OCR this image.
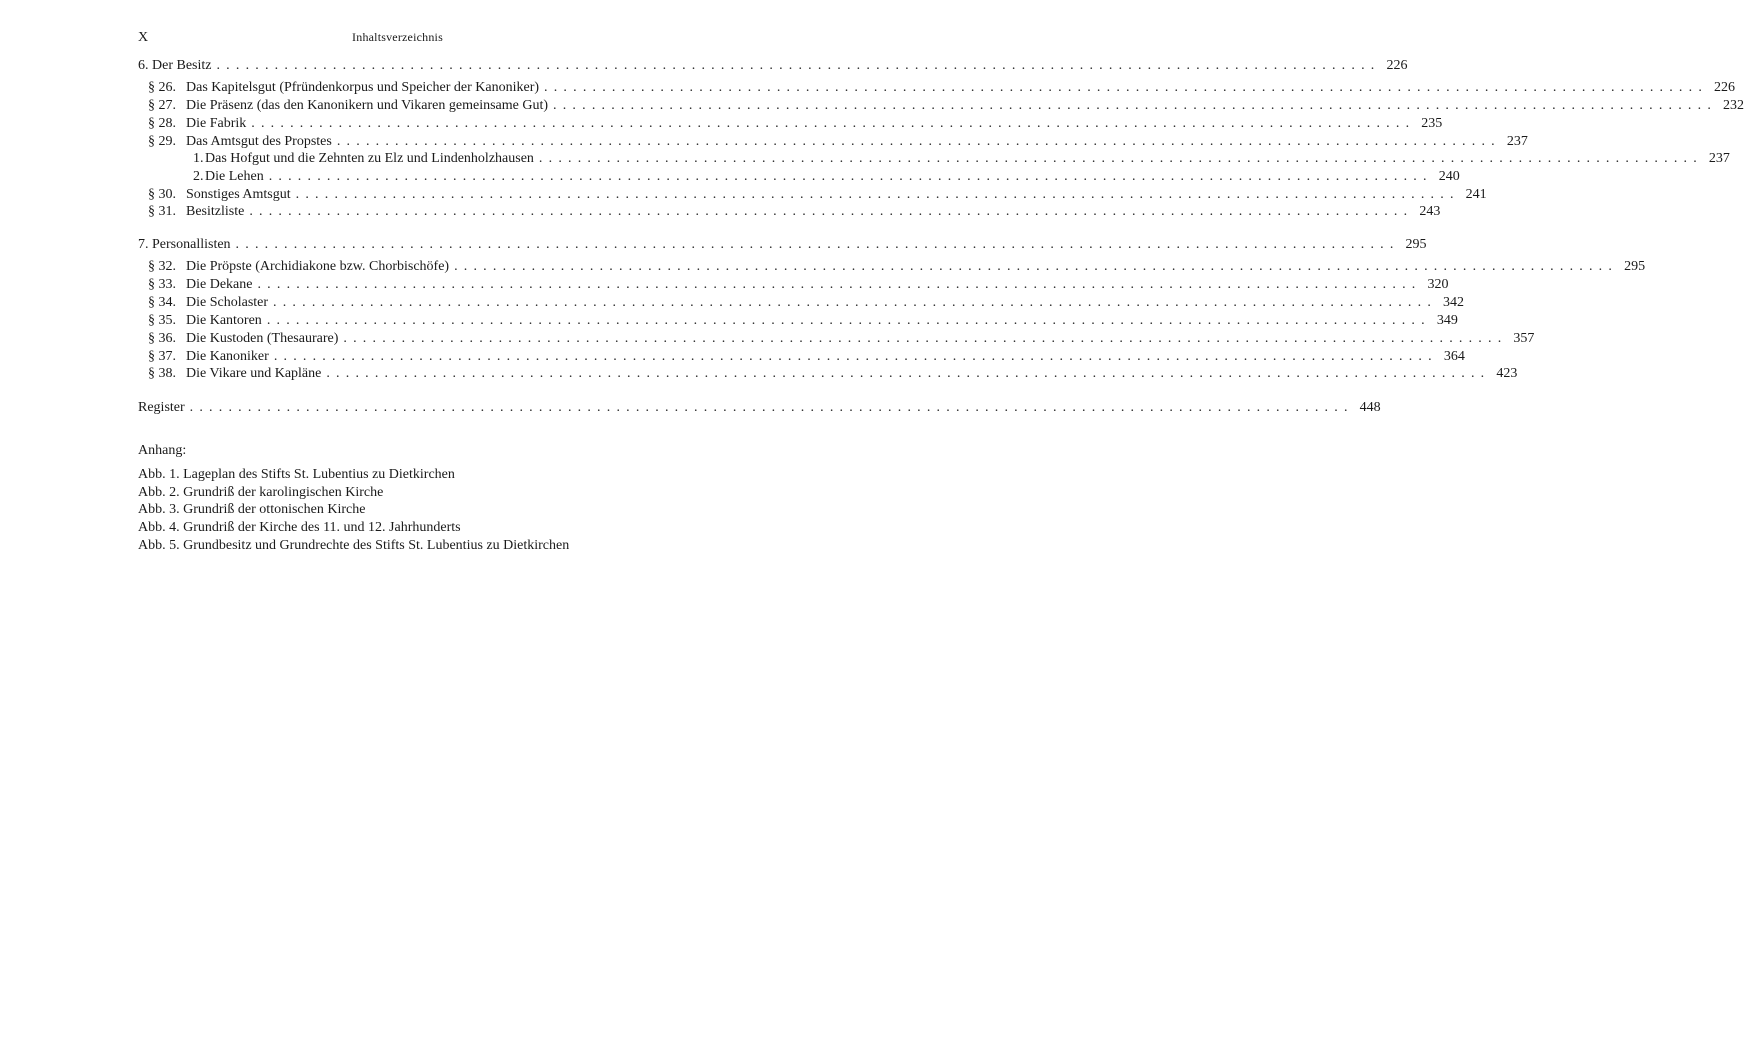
X	Inhaltsverzeichnis
6. Der Besitz ........................................................................................................................ 226
§ 26. Das Kapitelsgut (Pfründenkorpus und Speicher der Kanoniker) ........................................................................................................................ 226
§ 27. Die Präsenz (das den Kanonikern und Vikaren gemeinsame Gut) ........................................................................................................................ 232
§ 28. Die Fabrik ........................................................................................................................ 235
§ 29. Das Amtsgut des Propstes ........................................................................................................................ 237
1. Das Hofgut und die Zehnten zu Elz und Lindenholzhausen ........................................................................................................................ 237
2. Die Lehen ........................................................................................................................ 240
§ 30. Sonstiges Amtsgut ........................................................................................................................ 241
§ 31. Besitzliste ........................................................................................................................ 243
7. Personallisten ........................................................................................................................ 295
§ 32. Die Pröpste (Archidiakone bzw. Chorbischöfe) ........................................................................................................................ 295
§ 33. Die Dekane ........................................................................................................................ 320
§ 34. Die Scholaster ........................................................................................................................ 342
§ 35. Die Kantoren ........................................................................................................................ 349
§ 36. Die Kustoden (Thesaurare) ........................................................................................................................ 357
§ 37. Die Kanoniker ........................................................................................................................ 364
§ 38. Die Vikare und Kapläne ........................................................................................................................ 423
Register ........................................................................................................................ 448
Anhang:
Abb. 1. Lageplan des Stifts St. Lubentius zu Dietkirchen
Abb. 2. Grundriß der karolingischen Kirche
Abb. 3. Grundriß der ottonischen Kirche
Abb. 4. Grundriß der Kirche des 11. und 12. Jahrhunderts
Abb. 5. Grundbesitz und Grundrechte des Stifts St. Lubentius zu Dietkirchen
